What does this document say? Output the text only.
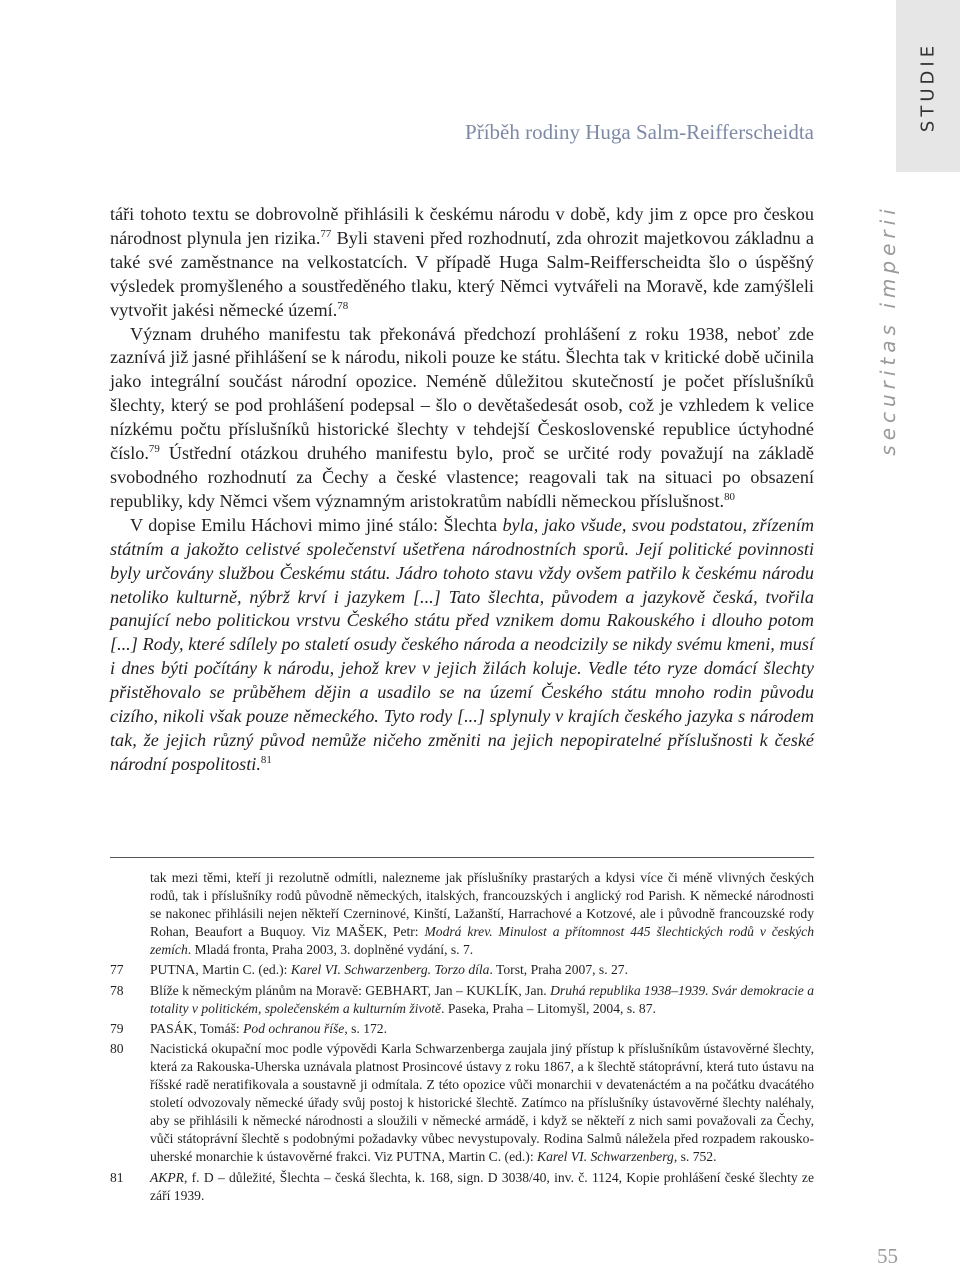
STUDIE
securitas imperii
Příběh rodiny Huga Salm-Reifferscheidta

táři tohoto textu se dobrovolně přihlásili k českému národu v době, kdy jim z opce pro českou národnost plynula jen rizika.$^{77}$ Byli staveni před rozhodnutí, zda ohrozit majetkovou základnu a také své zaměstnance na velkostatcích. V případě Huga Salm-​Reifferscheidta šlo o úspěšný výsledek promyšleného a soustředěného tlaku, který Němci vytvářeli na Moravě, kde zamýšleli vytvořit jakési německé území.$^{78}$

Význam druhého manifestu tak překonává předchozí prohlášení z roku 1938, neboť zde zaznívá již jasné přihlášení se k národu, nikoli pouze ke státu. Šlechta tak v kritické době učinila jako integrální součást národní opozice. Neméně důležitou skutečností je počet příslušníků šlechty, který se pod prohlášení podepsal – šlo o devětašedesát osob, což je vzhledem k velice nízkému počtu příslušníků historické šlechty v tehdejší Československé republice úctyhodné číslo.$^{79}$ Ústřední otázkou druhého manifestu bylo, proč se určité rody považují na základě svobodného rozhodnutí za Čechy a české vlastence; reagovali tak na situaci po obsazení republiky, kdy Němci všem významným aristokratům nabídli německou příslušnost.$^{80}$

V dopise Emilu Háchovi mimo jiné stálo: Šlechta byla, jako všude, svou podstatou, zřízením státním a jakožto celistvé společenství ušetřena národnostních sporů. Její politické povinnosti byly určovány službou Českému státu. Jádro tohoto stavu vždy ovšem patřilo k českému národu netoliko kulturně, nýbrž krví i jazykem [...] Tato šlechta, původem a jazykově česká, tvořila panující nebo politickou vrstvu Českého státu před vznikem domu Rakouského i dlouho potom [...] Rody, které sdílely po staletí osudy českého národa a neodcizily se nikdy svému kmeni, musí i dnes býti počítány k národu, jehož krev v jejich žilách koluje. Vedle této ryze domácí šlechty přistěhovalo se průběhem dějin a usadilo se na území Českého státu mnoho rodin původu cizího, nikoli však pouze německého. Tyto rody [...] splynuly v krajích českého jazyka s národem tak, že jejich různý původ nemůže ničeho změniti na jejich nepopiratelné příslušnosti k české národní pospolitosti.$^{81}$

tak mezi těmi, kteří ji rezolutně odmítli, nalezneme jak příslušníky prastarých a kdysi více či méně vlivných českých rodů, tak i příslušníky rodů původně německých, italských, francouzských i anglický rod Parish. K německé národnosti se nakonec přihlásili nejen někteří Czerninové, Kinští, Lažanští, Harrachové a Kotzové, ale i původně francouzské rody Rohan, Beaufort a Buquoy. Viz MAŠEK, Petr: Modrá krev. Minulost a přítomnost 445 šlechtických rodů v českých zemích. Mladá fronta, Praha 2003, 3. doplněné vydání, s. 7.
77 PUTNA, Martin C. (ed.): Karel VI. Schwarzenberg. Torzo díla. Torst, Praha 2007, s. 27.
78 Blíže k německým plánům na Moravě: GEBHART, Jan – KUKLÍK, Jan. Druhá republika 1938–1939. Svár demokracie a totality v politickém, společenském a kulturním životě. Paseka, Praha – Litomyšl, 2004, s. 87.
79 PASÁK, Tomáš: Pod ochranou říše, s. 172.
80 Nacistická okupační moc podle výpovědi Karla Schwarzenberga zaujala jiný přístup k příslušníkům ústavověrné šlechty, která za Rakouska-Uherska uznávala platnost Prosincové ústavy z roku 1867, a k šlechtě státoprávní, která tuto ústavu na říšské radě neratifikovala a soustavně ji odmítala. Z této opozice vůči monarchii v devatenáctém a na počátku dvacátého století odvozovaly německé úřady svůj postoj k historické šlechtě. Zatímco na příslušníky ústavověrné šlechty naléhaly, aby se přihlásili k německé národnosti a sloužili v německé armádě, i když se někteří z nich sami považovali za Čechy, vůči státoprávní šlechtě s podobnými požadavky vůbec nevystupovaly. Rodina Salmů náležela před rozpadem rakousko-uherské monarchie k ústavověrné frakci. Viz PUTNA, Martin C. (ed.): Karel VI. Schwarzenberg, s. 752.
81 AKPR, f. D – důležité, Šlechta – česká šlechta, k. 168, sign. D 3038/40, inv. č. 1124, Kopie prohlášení české šlechty ze září 1939.
55
